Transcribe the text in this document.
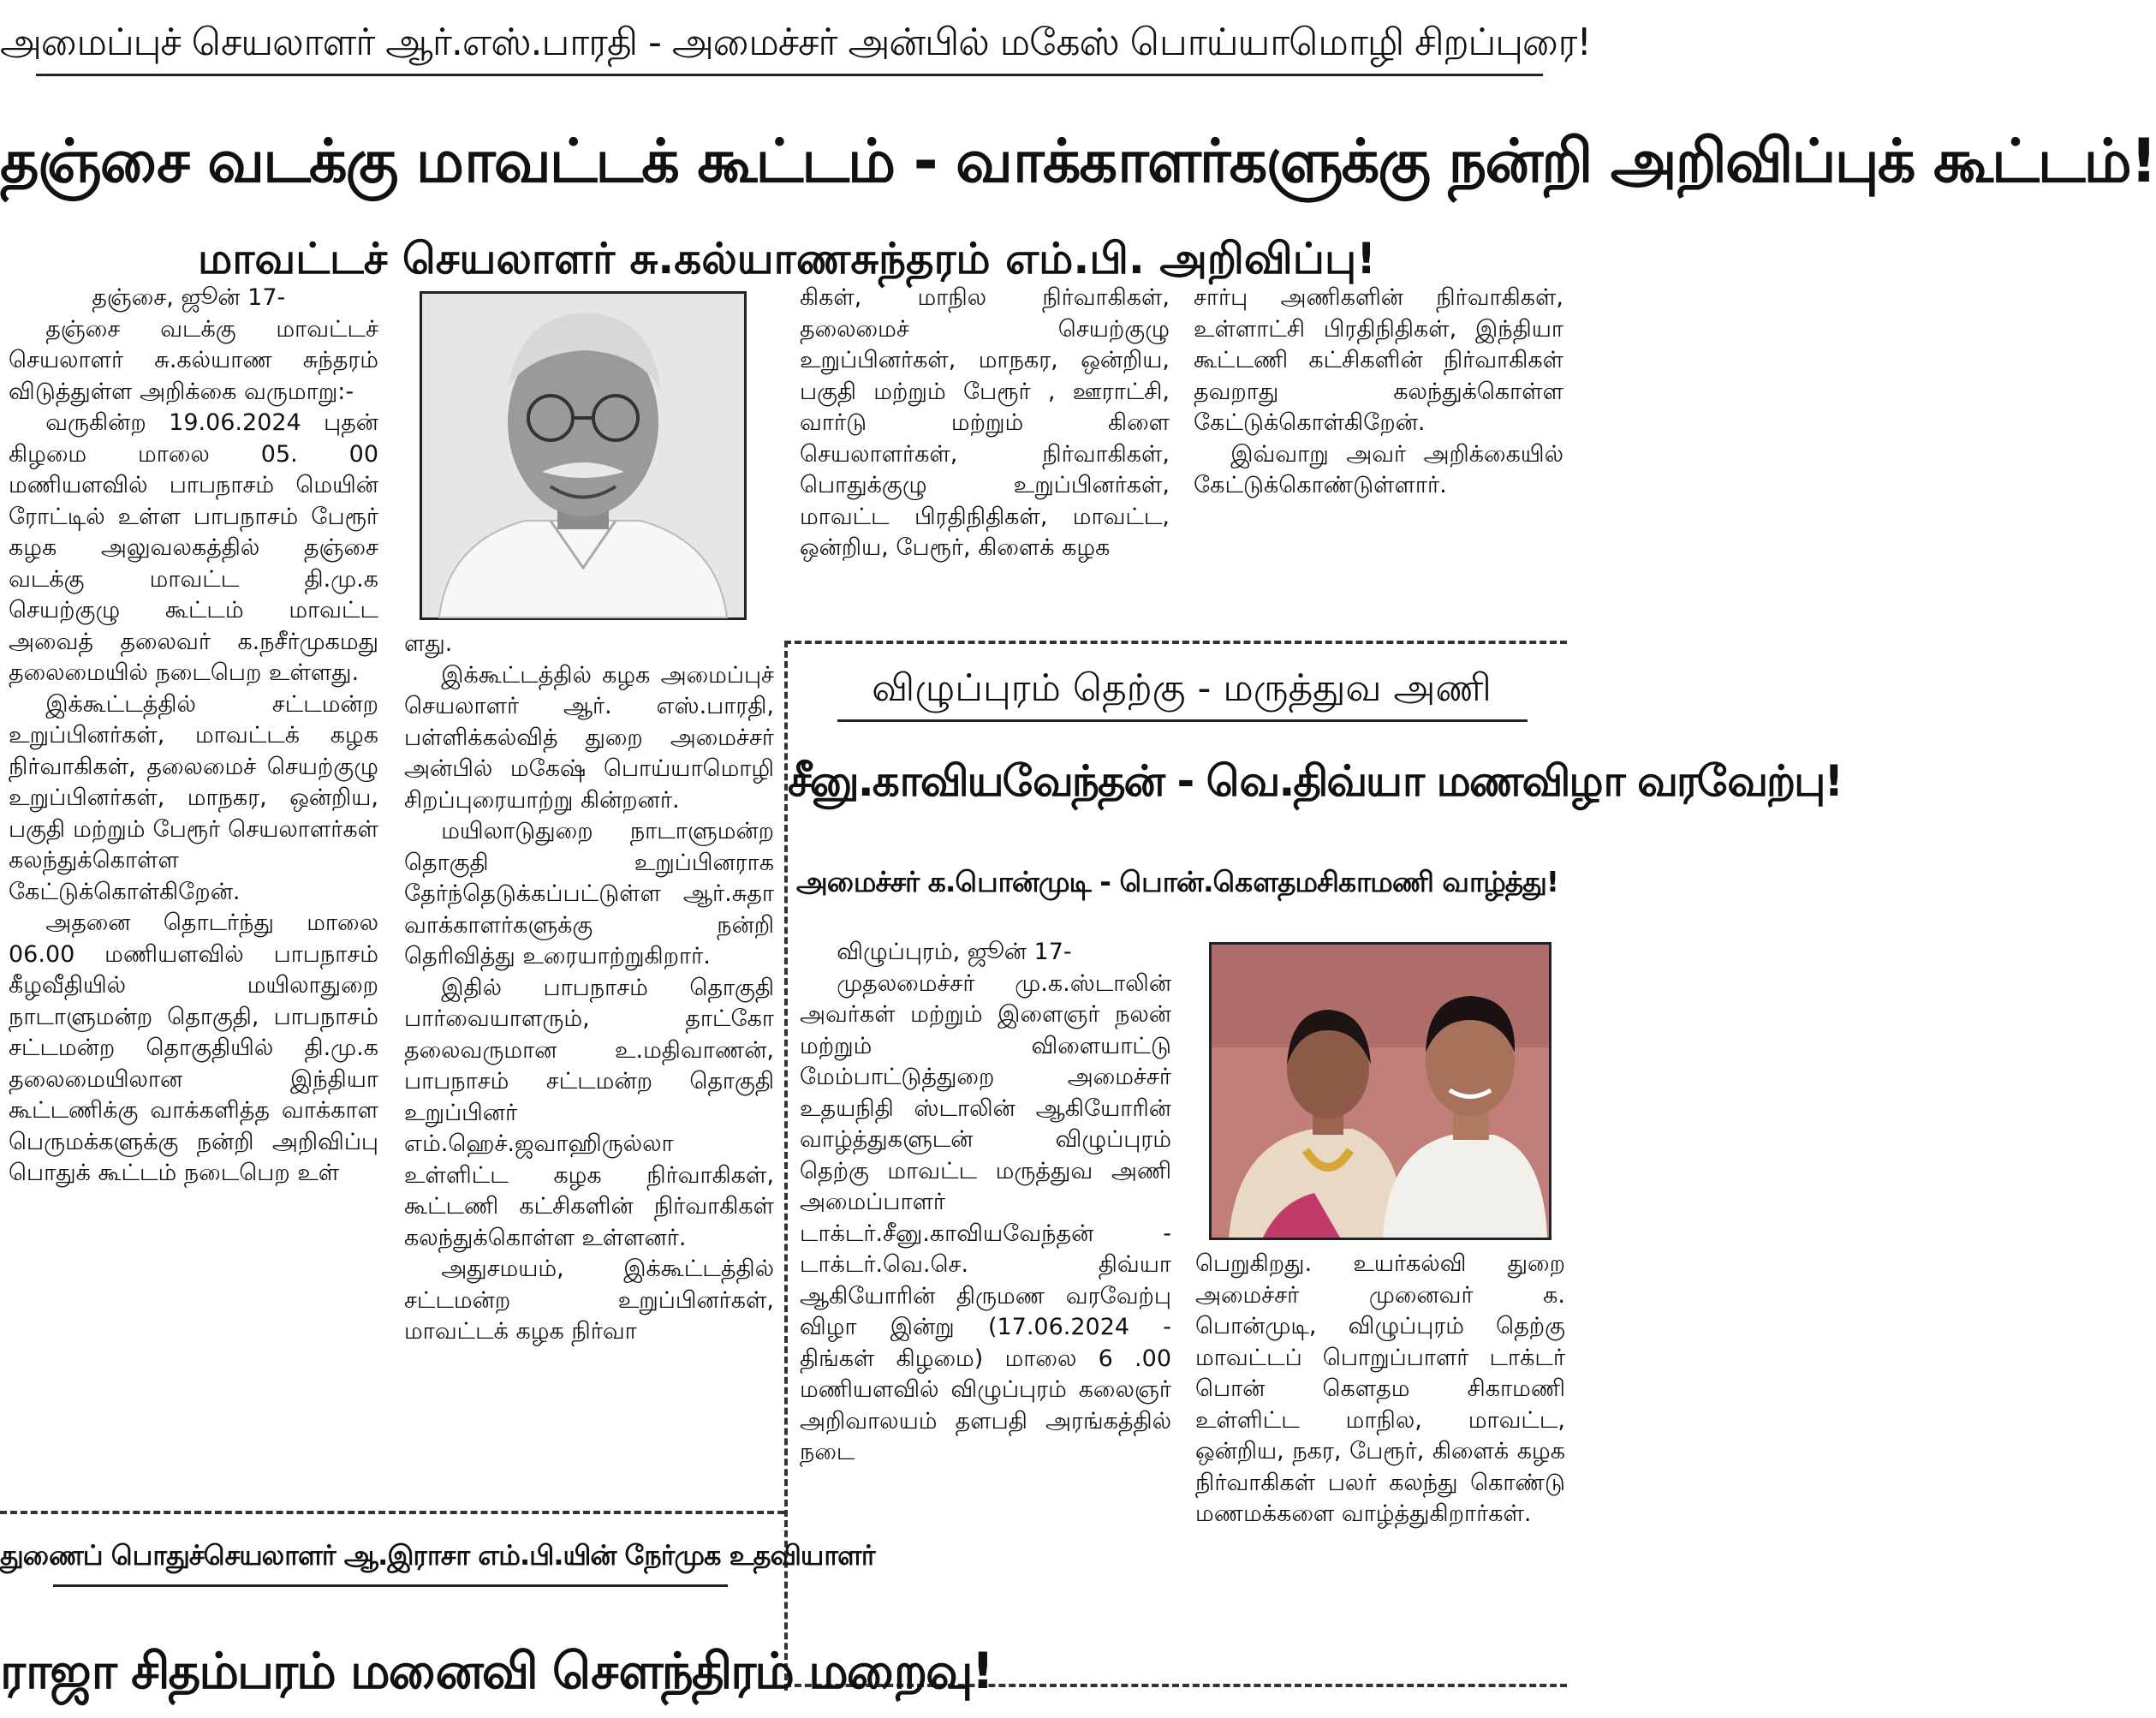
அமைப்புச் செயலாளர் ஆர்.எஸ்.பாரதி - அமைச்சர் அன்பில் மகேஸ் பொய்யாமொழி சிறப்புரை!
தஞ்சை வடக்கு மாவட்டக் கூட்டம் - வாக்காளர்களுக்கு நன்றி அறிவிப்புக் கூட்டம்!
மாவட்டச் செயலாளர் சு.கல்யாணசுந்தரம் எம்.பி. அறிவிப்பு!

தஞ்சை, ஜூன் 17-

தஞ்சை வடக்கு மாவட்டச் செயலாளர் சு.கல்யாண சுந்தரம் விடுத்துள்ள அறிக்கை வருமாறு:-

வருகின்ற 19.06.2024 புதன் கிழமை மாலை 05. 00 மணியளவில் பாபநாசம் மெயின் ரோட்டில் உள்ள பாபநாசம் பேரூர் கழக அலுவலகத்தில் தஞ்சை வடக்கு மாவட்ட தி.மு.க செயற்குழு கூட்டம் மாவட்ட அவைத் தலைவர் க.நசீர்முகமது தலைமையில் நடைபெற உள்ளது.

இக்கூட்டத்தில் சட்டமன்ற உறுப்பினர்கள், மாவட்டக் கழக நிர்வாகிகள், தலைமைச் செயற்குழு உறுப்பினர்கள், மாநகர, ஒன்றிய, பகுதி மற்றும் பேரூர் செயலாளர்கள் கலந்துக்கொள்ள கேட்டுக்கொள்கிறேன்.

அதனை தொடர்ந்து மாலை 06.00 மணியளவில் பாபநாசம் கீழவீதியில் மயிலாதுறை நாடாளுமன்ற தொகுதி, பாபநாசம் சட்டமன்ற தொகுதியில் தி.மு.க தலைமையிலான இந்தியா கூட்டணிக்கு வாக்களித்த வாக்காள பெருமக்களுக்கு நன்றி அறிவிப்பு பொதுக் கூட்டம் நடைபெற உள்

ளது.

இக்கூட்டத்தில் கழக அமைப்புச் செயலாளர் ஆர். எஸ்.பாரதி, பள்ளிக்கல்வித் துறை அமைச்சர் அன்பில் மகேஷ் பொய்யாமொழி சிறப்புரையாற்று கின்றனர்.

மயிலாடுதுறை நாடாளுமன்ற தொகுதி உறுப்பினராக தேர்ந்தெடுக்கப்பட்டுள்ள ஆர்.சுதா வாக்காளர்களுக்கு நன்றி தெரிவித்து உரையாற்றுகிறார்.

இதில் பாபநாசம் தொகுதி பார்வையாளரும், தாட்கோ தலைவருமான உ.மதிவாணன், பாபநாசம் சட்டமன்ற தொகுதி உறுப்பினர் எம்.ஹெச்.ஜவாஹிருல்லா உள்ளிட்ட கழக நிர்வாகிகள், கூட்டணி கட்சிகளின் நிர்வாகிகள் கலந்துக்கொள்ள உள்ளனர்.

அதுசமயம், இக்கூட்டத்தில் சட்டமன்ற உறுப்பினர்கள், மாவட்டக் கழக நிர்வா

கிகள், மாநில நிர்வாகிகள், தலைமைச் செயற்குழு உறுப்பினர்கள், மாநகர, ஒன்றிய, பகுதி மற்றும் பேரூர் , ஊராட்சி, வார்டு மற்றும் கிளை செயலாளர்கள், நிர்வாகிகள், பொதுக்குழு உறுப்பினர்கள், மாவட்ட பிரதிநிதிகள், மாவட்ட, ஒன்றிய, பேரூர், கிளைக் கழக

சார்பு அணிகளின் நிர்வாகிகள், உள்ளாட்சி பிரதிநிதிகள், இந்தியா கூட்டணி கட்சிகளின் நிர்வாகிகள் தவறாது கலந்துக்கொள்ள கேட்டுக்கொள்கிறேன்.

இவ்வாறு அவர் அறிக்கையில் கேட்டுக்கொண்டுள்ளார்.

விழுப்புரம் தெற்கு - மருத்துவ அணி
சீனு.காவியவேந்தன் - வெ.திவ்யா மணவிழா வரவேற்பு!
அமைச்சர் க.பொன்முடி - பொன்.கௌதமசிகாமணி வாழ்த்து!

விழுப்புரம், ஜூன் 17-

முதலமைச்சர் மு.க.ஸ்டாலின் அவர்கள் மற்றும் இளைஞர் நலன் மற்றும் விளையாட்டு மேம்பாட்டுத்துறை அமைச்சர் உதயநிதி ஸ்டாலின் ஆகியோரின் வாழ்த்துகளுடன் விழுப்புரம் தெற்கு மாவட்ட மருத்துவ அணி அமைப்பாளர் டாக்டர்.சீனு.காவியவேந்தன் - டாக்டர்.வெ.செ. திவ்யா ஆகியோரின் திருமண வரவேற்பு விழா இன்று (17.06.2024 - திங்கள் கிழமை) மாலை 6 .00 மணியளவில் விழுப்புரம் கலைஞர் அறிவாலயம் தளபதி அரங்கத்தில் நடை

பெறுகிறது. உயர்கல்வி துறை அமைச்சர் முனைவர் க. பொன்முடி, விழுப்புரம் தெற்கு மாவட்டப் பொறுப்பாளர் டாக்டர் பொன் கௌதம சிகாமணி உள்ளிட்ட மாநில, மாவட்ட, ஒன்றிய, நகர, பேரூர், கிளைக் கழக நிர்வாகிகள் பலர் கலந்து கொண்டு மணமக்களை வாழ்த்துகிறார்கள்.

துணைப் பொதுச்செயலாளர் ஆ.இராசா எம்.பி.யின் நேர்முக உதவியாளர்
ராஜா சிதம்பரம் மனைவி சௌந்திரம் மறைவு!
